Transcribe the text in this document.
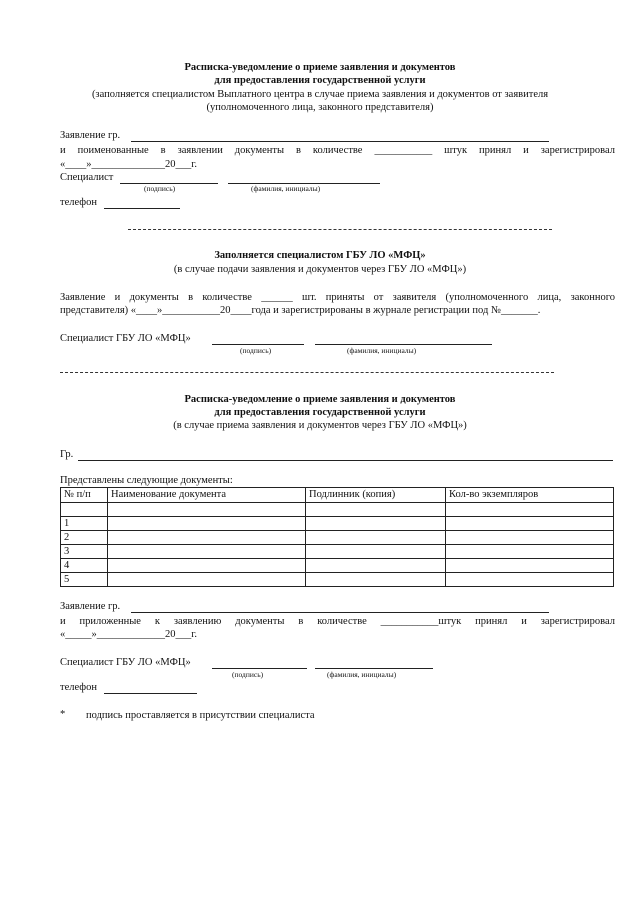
Расписка-уведомление о приеме заявления и документов
для предоставления государственной услуги
(заполняется специалистом Выплатного центра в случае приема заявления и документов от заявителя
(уполномоченного лица, законного представителя)
Заявление гр.
и поименованные в заявлении документы в количестве ___________ штук принял и зарегистрировал
«____»______________20___г.
Специалист
(подпись)	(фамилия, инициалы)
телефон
Заполняется специалистом ГБУ ЛО «МФЦ»
(в случае подачи заявления и документов через ГБУ ЛО «МФЦ»)
Заявление и документы в количестве ______ шт. приняты от заявителя (уполномоченного лица, законного
представителя) «____»___________20____года и зарегистрированы в журнале регистрации под №_______.
Специалист ГБУ ЛО «МФЦ»
(подпись)	(фамилия, инициалы)
Расписка-уведомление о приеме заявления и документов
для предоставления государственной услуги
(в случае приема заявления и документов через ГБУ ЛО «МФЦ»)
Гр.
Представлены следующие документы:
№ п/п	Наименование документа	Подлинник (копия)	Кол-во экземпляров

1			
2			
3			
4			
5			
Заявление гр.
и приложенные к заявлению документы в количестве ___________штук принял и зарегистрировал
«_____»_____________20___г.
Специалист ГБУ ЛО «МФЦ»
(подпись)	(фамилия, инициалы)
телефон
* подпись проставляется в присутствии специалиста
